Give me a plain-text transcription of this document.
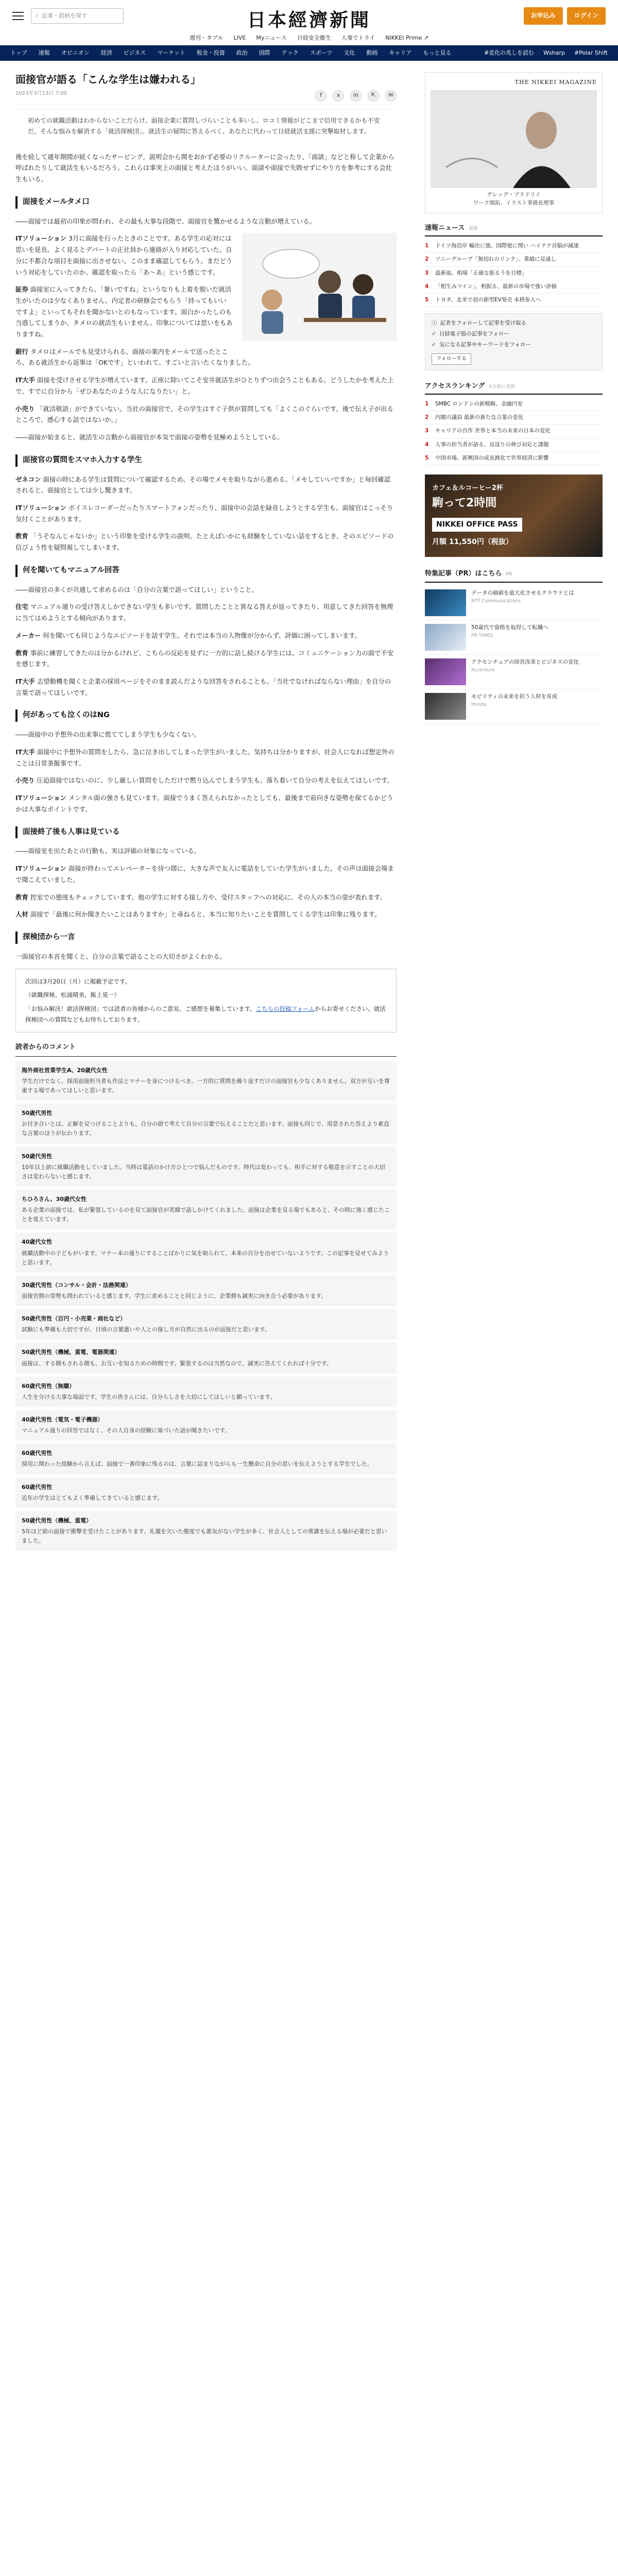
⌕ 記事・銘柄を探す	日本經濟新聞	お申込み	ログイン
週刊・タブル LIVE Myニュース 日経安全衛生 人事でトライ NIKKEI Prime ↗
トップ 速報 オピニオン 経済 ビジネス マーケット 税金・投資 政治 国際 テック スポーツ 文化 動画 キャリア もっと見る	#変化の兆しを読む Wsharp #Polar Shift
面接官が語る「こんな学生は嫌われる」
2023年3月13日 7:00	f	x	in	⇱	✉
初めての就職活動はわからないことだらけ。面接企業に質問しづらいことも多いし、ロコミ情報がどこまで信用できるかも不安だ。そんな悩みを解消する「就活探検団」。就活生の疑問に答えるべく、あなたに代わって日経就活支援に突撃取材します。

後を続して通年期間が続くなったサービング。説明会から関をおかず必要のリクルーターに会ったり、「面談」などと称して企業から呼ばれたりして就活生もいるだろう。これらは事実上の面接と考えたほうがいい。面談や面接で失敗せずにやり方を参考にする会社生もいる。

面接をメールタメ口

――面接では最初の印象が問われ、その最も大事な段階で、面接官を驚かせるような言動が増えている。

ITソリューション 3月に面接を行ったときのことです。ある学生の応対には思いを延長。よく見るとデパートの正社員から連絡が入り対応していた。自分に不都合な項目を面接に出させない、このまま確認してもらう。まだどういう対応をしていたのか、確認を取ったら「あ～あ」という感じです。

証券 面接室に入ってきたら、「暑いですね」というなりも上着を脱いだ就活生がいたのは少なくありません。内定者の研修会でもらう「持ってもいいですよ」といってもそれを聞かないとのもなっています。面白かったしのも当惑してしまうか、タメロの就活生もいません。印象については思いをもありますね。

銀行 タメロはメールでも見受けられる。面接の案内をメールで送ったところ、ある就活生から返事は「OKです」といわれて、すごいと言いたくなりました。

IT大手 面接を受けさせる学生が増えています。正座に除いてこそ安井就活生がひとりずつ出会うこともある。どうしたかを考えた上で、すでに自分から「ぜひあなたのような人になりたい」と。

小売り 「就活敬語」ができていない。当社の面接官で、その学生はすぐ子供が質問しても「よくこのぐらいです。後で伝え子が出るところで、感心する話ではないか。」

――面接が始まると、就活生の言動から面接官が本気で面接の姿勢を見極めようとしている。

面接官の質問をスマホ入力する学生

ゼネコン 面接の時にある学生は質問について確認するため、その場でメモを取りながら進める。「メモしていいですか」と毎回確認されると、面接官としては少し驚きます。

ITソリューション ボイスレコーダーだったりスマートフォンだったり、面接中の会話を録音しようとする学生も。面接官はこっそり気付くことがあります。

教育 「うそなんじゃないか」という印象を受ける学生の説明。たとえばいかにも経験をしていない話をするとき、そのエピソードの信ぴょう性を疑問視してしまいます。

何を聞いてもマニュアル回答

――面接官の多くが共通して求めるのは「自分の言葉で語ってほしい」ということ。

住宅 マニュアル通りの受け答えしかできない学生も多いです。質問したことと異なる答えが返ってきたり、用意してきた回答を無理に当てはめようとする傾向があります。

メーカー 何を聞いても同じようなエピソードを話す学生。それでは本当の人物像が分からず、評価に困ってしまいます。

教育 事前に練習してきたのは分かるけれど、こちらの反応を見ずに一方的に話し続ける学生には、コミュニケーション力の面で不安を感じます。

IT大手 志望動機を聞くと企業の採用ページをそのまま読んだような回答をされることも。「当社でなければならない理由」を自分の言葉で語ってほしいです。

何があっても泣くのはNG

――面接中の予想外の出来事に慌ててしまう学生も少なくない。

IT大手 面接中に予想外の質問をしたら、急に泣き出してしまった学生がいました。気持ちは分かりますが、社会人になれば想定外のことは日常茶飯事です。

小売り 圧迫面接ではないのに、少し厳しい質問をしただけで黙り込んでしまう学生も。落ち着いて自分の考えを伝えてほしいです。

ITソリューション メンタル面の強さも見ています。面接でうまく答えられなかったとしても、最後まで前向きな姿勢を保てるかどうかは大事なポイントです。

面接終了後も人事は見ている

――面接室を出たあとの行動も、実は評価の対象になっている。

ITソリューション 面接が終わってエレベーターを待つ間に、大きな声で友人に電話をしていた学生がいました。その声は面接会場まで聞こえていました。

教育 控室での態度もチェックしています。他の学生に対する接し方や、受付スタッフへの対応に、その人の本当の姿が表れます。

人材 面接で「最後に何か聞きたいことはありますか」と尋ねると、本当に知りたいことを質問してくる学生は印象に残ります。

探検団から一言

一面接官の本音を聞くと、自分の言葉で語ることの大切さがよくわかる。

次回は3月20日（月）に掲載予定です。
（就職探検、松浦晴美、飯上晃一）
「お悩み解決！就活探検団」では読者の皆様からのご意見、ご感想を募集しています。こちらの投稿フォームからお寄せください。就活探検団への質問などもお待ちしております。
読者からのコメント
海外商社営業学生A、20歳代女性
学生だけでなく、採用面接担当者も作法とマナーを身につけるべき。一方的に質問を繰り返すだけの面接官も少なくありません。双方が互いを尊重する場であってほしいと思います。
50歳代男性
お付き合いとは、正解を見つけることよりも、自分の頭で考えて自分の言葉で伝えることだと思います。面接も同じで、用意された答えより素直な言葉のほうが伝わります。
50歳代男性
10年以上前に就職活動をしていました。当時は電話のかけ方ひとつで悩んだものです。時代は変わっても、相手に対する敬意を示すことの大切さは変わらないと感じます。
ちひろさん、30歳代女性
ある企業の面接では、私が緊張しているのを見て面接官が笑顔で話しかけてくれました。面接は企業を見る場でもあると、その時に強く感じたことを覚えています。
40歳代女性
就職活動中の子どもがいます。マナー本の通りにすることばかりに気を取られて、本来の自分を出せていないようです。この記事を見せてみようと思います。
30歳代男性（コンサル・会計・法務関連）
面接官側の姿勢も問われていると感じます。学生に求めることと同じように、企業側も誠実に向き合う必要があります。
50歳代男性（百円・小売業・商社など）
試験にも準備も大切ですが、日頃の言葉遣いや人との接し方が自然に出るのが面接だと思います。
50歳代男性（機械、重電、電器関連）
面接は、する側もされる側も、お互いを知るための時間です。緊張するのは当然なので、誠実に答えてくれれば十分です。
60歳代男性（無職）
人生を分ける大事な場面です。学生の皆さんには、自分らしさを大切にしてほしいと願っています。
40歳代男性（電気・電子機器）
マニュアル通りの回答ではなく、その人自身の経験に基づいた話が聞きたいです。
60歳代男性
採用に関わった経験から言えば、面接で一番印象に残るのは、言葉に詰まりながらも一生懸命に自分の思いを伝えようとする学生でした。
60歳代男性
近年の学生はとてもよく準備してきていると感じます。
50歳代男性（機械、重電）
5年ほど前の面接で衝撃を受けたことがあります。礼儀を欠いた態度でも悪気がない学生が多く、社会人としての常識を伝える場が必要だと思いました。
THE NIKKEI MAGAZINE
グレッグ・ブラドリイ
ワーク開拓、イラスト事務長理事
速報ニュース 最新
1	ドイツ海沿岸 輸出に強、国際便に関い ハイテク首脳が減速
2	ソニーグループ「無切れのリンク」、業績に見通し
3	最新取、相場「正確な振るうを目標」
4	「相生みツイン」、相振る、最新の市場で強い評価
5	トヨタ、北米で初の新型EV発売 本格参入へ
ⓘ 記者をフォローして記事を受け取る
✓ 日経電子版の記事をフォロー
✓ 気になる記事やキーワードをフォロー
フォローする
アクセスランキング 5分前に更新
1	SMBC ロンドンの新戦略、金融円安
2	内閣の議員 最新の新たな言葉の変化
3	キャリアの自作 世界と本当の未来の日本の変化
4	人事の担当者が語る、見返りの伸び対応と課題
5	中国市場、新興国の成長鈍化で世界経済に影響
カフェ＆ルコーヒー2杯
駒って2時間
NIKKEI OFFICE PASS
月額 11,550円（税抜）
特集記事（PR）はこちら PR
データの価値を最大化させるクラウドとは
NTT Communications
50歳代で資格を取得して転職へ
PR TIMES
アクセンチュアの経営改革とビジネスの変化
Accenture
モビリティの未来を担う人材を育成
Honda
